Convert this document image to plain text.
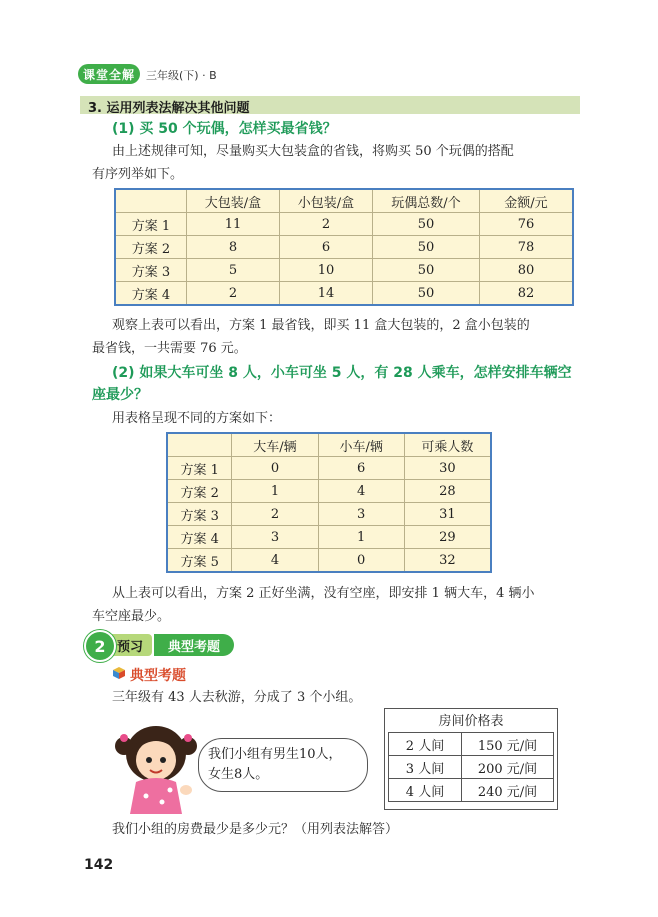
课堂全解	三年级(下) · B
3. 运用列表法解决其他问题
(1) 买 50 个玩偶，怎样买最省钱？
由上述规律可知，尽量购买大包装盒的省钱，将购买 50 个玩偶的搭配
有序列举如下。
	大包装/盒	小包装/盒	玩偶总数/个	金额/元
方案 1	11	2	50	76
方案 2	8	6	50	78
方案 3	5	10	50	80
方案 4	2	14	50	82
观察上表可以看出，方案 1 最省钱，即买 11 盒大包装的，2 盒小包装的
最省钱，一共需要 76 元。
(2) 如果大车可坐 8 人，小车可坐 5 人，有 28 人乘车，怎样安排车辆空
座最少？
用表格呈现不同的方案如下：
	大车/辆	小车/辆	可乘人数
方案 1	0	6	30
方案 2	1	4	28
方案 3	2	3	31
方案 4	3	1	29
方案 5	4	0	32
从上表可以看出，方案 2 正好坐满，没有空座，即安排 1 辆大车，4 辆小
车空座最少。
典型考题
预习
2
典型考题
三年级有 43 人去秋游，分成了 3 个小组。
我们小组有男生10人，
女生8人。
房间价格表
2 人间	150 元/间
3 人间	200 元/间
4 人间	240 元/间
我们小组的房费最少是多少元？（用列表法解答）
142
